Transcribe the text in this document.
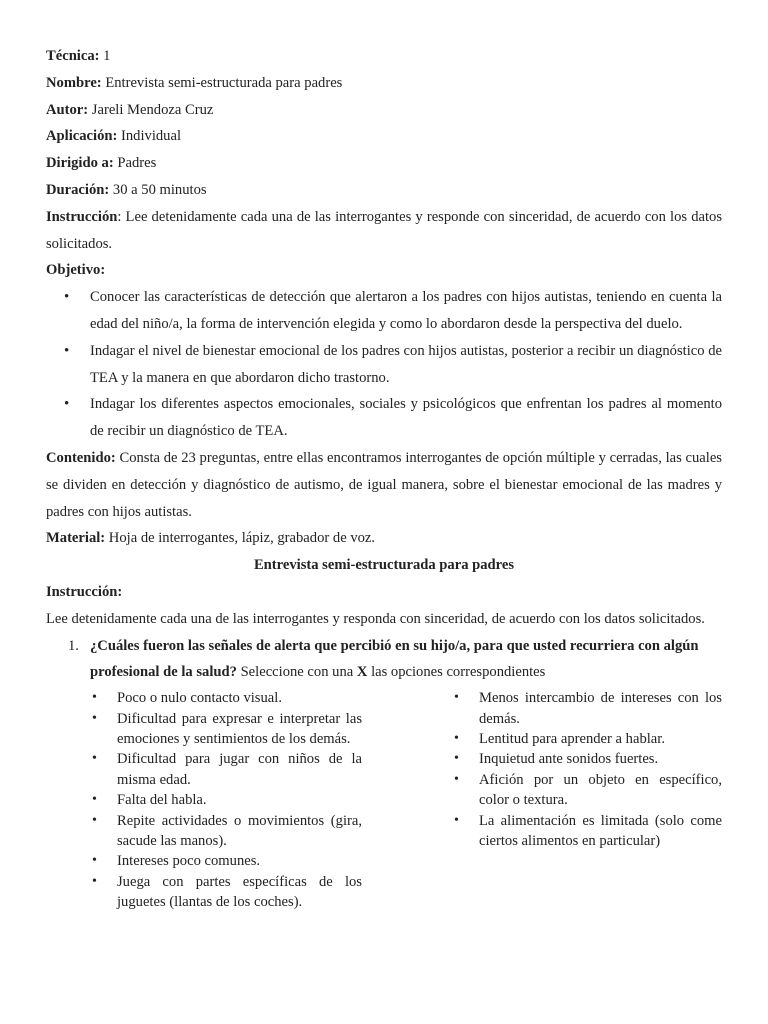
Técnica: 1

Nombre: Entrevista semi-estructurada para padres

Autor: Jareli Mendoza Cruz

Aplicación: Individual

Dirigido a: Padres

Duración: 30 a 50 minutos

Instrucción: Lee detenidamente cada una de las interrogantes y responde con sinceridad, de acuerdo con los datos solicitados.

Objetivo:

• Conocer las características de detección que alertaron a los padres con hijos autistas, teniendo en cuenta la edad del niño/a, la forma de intervención elegida y como lo abordaron desde la perspectiva del duelo.
• Indagar el nivel de bienestar emocional de los padres con hijos autistas, posterior a recibir un diagnóstico de TEA y la manera en que abordaron dicho trastorno.
• Indagar los diferentes aspectos emocionales, sociales y psicológicos que enfrentan los padres al momento de recibir un diagnóstico de TEA.

Contenido: Consta de 23 preguntas, entre ellas encontramos interrogantes de opción múltiple y cerradas, las cuales se dividen en detección y diagnóstico de autismo, de igual manera, sobre el bienestar emocional de las madres y padres con hijos autistas.

Material: Hoja de interrogantes, lápiz, grabador de voz.

Entrevista semi-estructurada para padres

Instrucción:

Lee detenidamente cada una de las interrogantes y responda con sinceridad, de acuerdo con los datos solicitados.

1. ¿Cuáles fueron las señales de alerta que percibió en su hijo/a, para que usted recurriera con algún profesional de la salud? Seleccione con una X las opciones correspondientes
• Poco o nulo contacto visual.
• Dificultad para expresar e interpretar las emociones y sentimientos de los demás.
• Dificultad para jugar con niños de la misma edad.
• Falta del habla.
• Repite actividades o movimientos (gira, sacude las manos).
• Intereses poco comunes.
• Juega con partes específicas de los juguetes (llantas de los coches).
• Menos intercambio de intereses con los demás.
• Lentitud para aprender a hablar.
• Inquietud ante sonidos fuertes.
• Afición por un objeto en específico, color o textura.
• La alimentación es limitada (solo come ciertos alimentos en particular)
